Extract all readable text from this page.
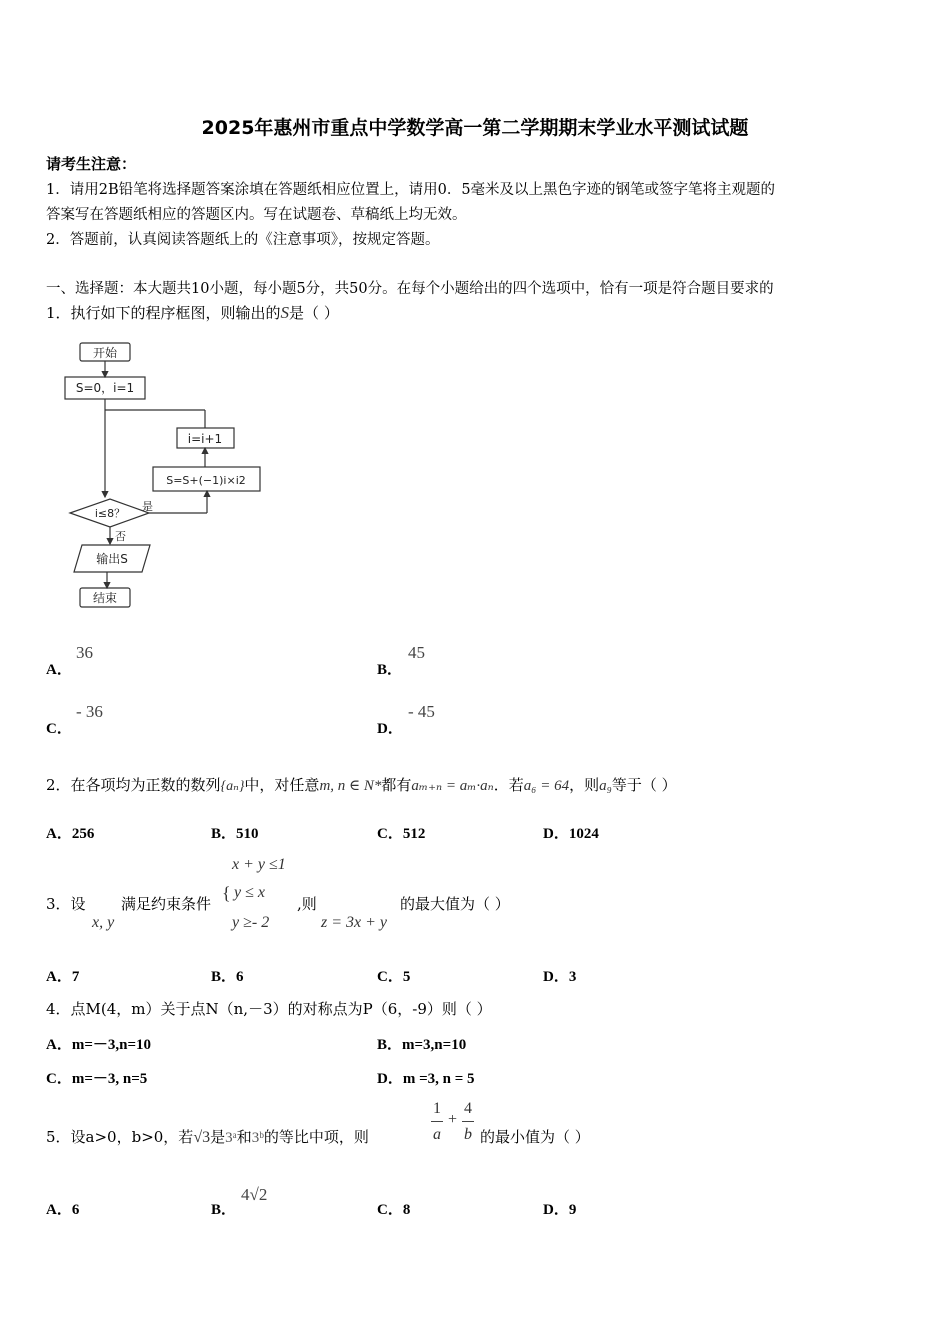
2025年惠州市重点中学数学高一第二学期期末学业水平测试试题
请考生注意：
1．请用2B铅笔将选择题答案涂填在答题纸相应位置上，请用0．5毫米及以上黑色字迹的钢笔或签字笔将主观题的
答案写在答题纸相应的答题区内。写在试题卷、草稿纸上均无效。
2．答题前，认真阅读答题纸上的《注意事项》，按规定答题。
一、选择题：本大题共10小题，每小题5分，共50分。在每个小题给出的四个选项中，恰有一项是符合题目要求的
1．执行如下的程序框图，则输出的S是（ ）
开始
S=0，i=1
i=i+1
S=S+(−1)i×i2
i≤8？
是
否
输出S
结束
A．
36
B．
45
C．
- 36
D．
- 45
2．在各项均为正数的数列{aₙ}中，对任意m, n ∈ N*都有aₘ₊ₙ = aₘ·aₙ．若a₆ = 64，则a₉等于（ ）
A．256	B．510	C．512	D．1024
x + y ≤1
{ y ≤ x
y ≥- 2
3．设
x, y
满足约束条件	,则
z = 3x + y
的最大值为（ ）
A．7	B．6	C．5	D．3
4．点M(4，m）关于点N（n,－3）的对称点为P（6，-9）则（ ）
A．m=－3,n=10	B．m=3,n=10
C．m=－3, n=5	D．m =3, n = 5
5．设a>0，b>0，若√3是3ᵃ和3ᵇ的等比中项，则
1
a
+
4
b 的最小值为（ ）
A．6	B．
4√2
C．8	D．9
